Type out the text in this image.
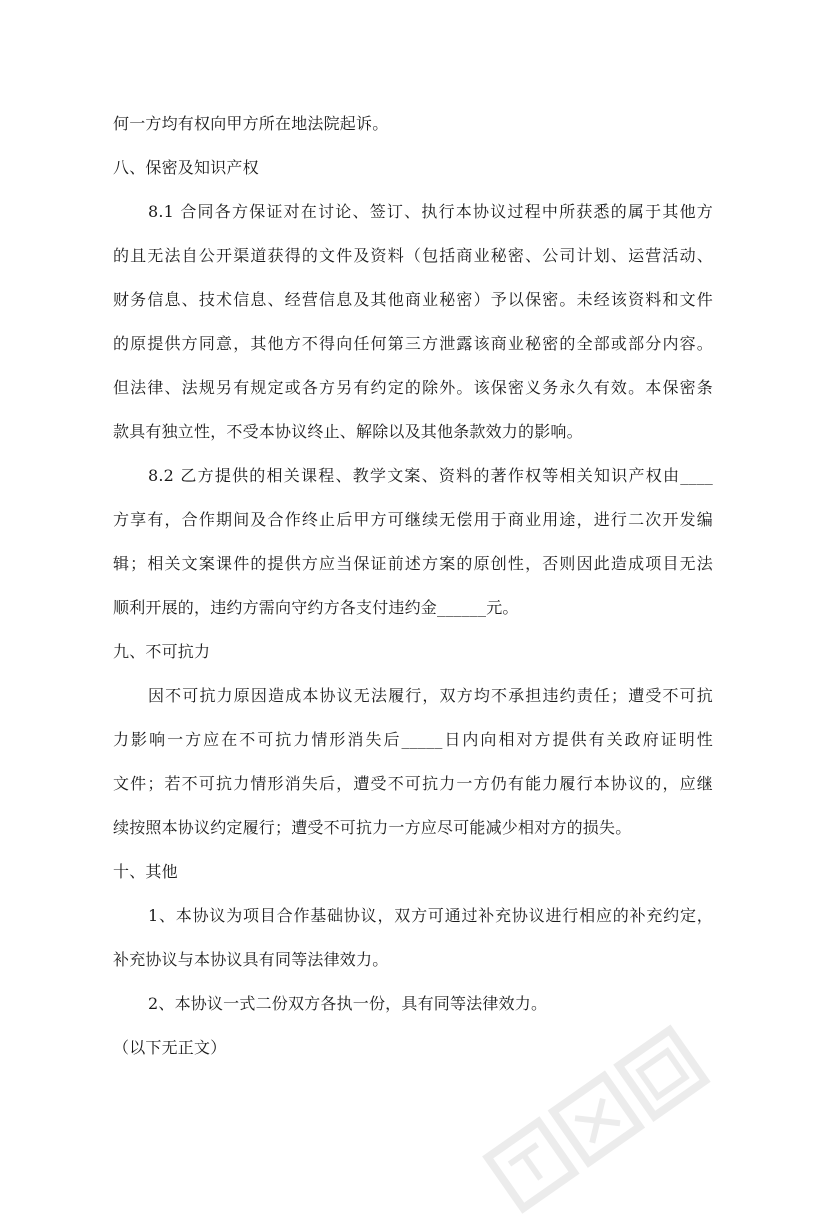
何一方均有权向甲方所在地法院起诉。
八、保密及知识产权
8.1 合同各方保证对在讨论、签订、执行本协议过程中所获悉的属于其他方
的且无法自公开渠道获得的文件及资料（包括商业秘密、公司计划、运营活动、
财务信息、技术信息、经营信息及其他商业秘密）予以保密。未经该资料和文件
的原提供方同意，其他方不得向任何第三方泄露该商业秘密的全部或部分内容。
但法律、法规另有规定或各方另有约定的除外。该保密义务永久有效。本保密条
款具有独立性，不受本协议终止、解除以及其他条款效力的影响。
8.2 乙方提供的相关课程、教学文案、资料的著作权等相关知识产权由____
方享有，合作期间及合作终止后甲方可继续无偿用于商业用途，进行二次开发编
辑；相关文案课件的提供方应当保证前述方案的原创性，否则因此造成项目无法
顺利开展的，违约方需向守约方各支付违约金______元。
九、不可抗力
因不可抗力原因造成本协议无法履行，双方均不承担违约责任；遭受不可抗
力影响一方应在不可抗力情形消失后_____日内向相对方提供有关政府证明性
文件；若不可抗力情形消失后，遭受不可抗力一方仍有能力履行本协议的，应继
续按照本协议约定履行；遭受不可抗力一方应尽可能减少相对方的损失。
十、其他
1、本协议为项目合作基础协议，双方可通过补充协议进行相应的补充约定，
补充协议与本协议具有同等法律效力。
2、本协议一式二份双方各执一份，具有同等法律效力。
（以下无正文）
